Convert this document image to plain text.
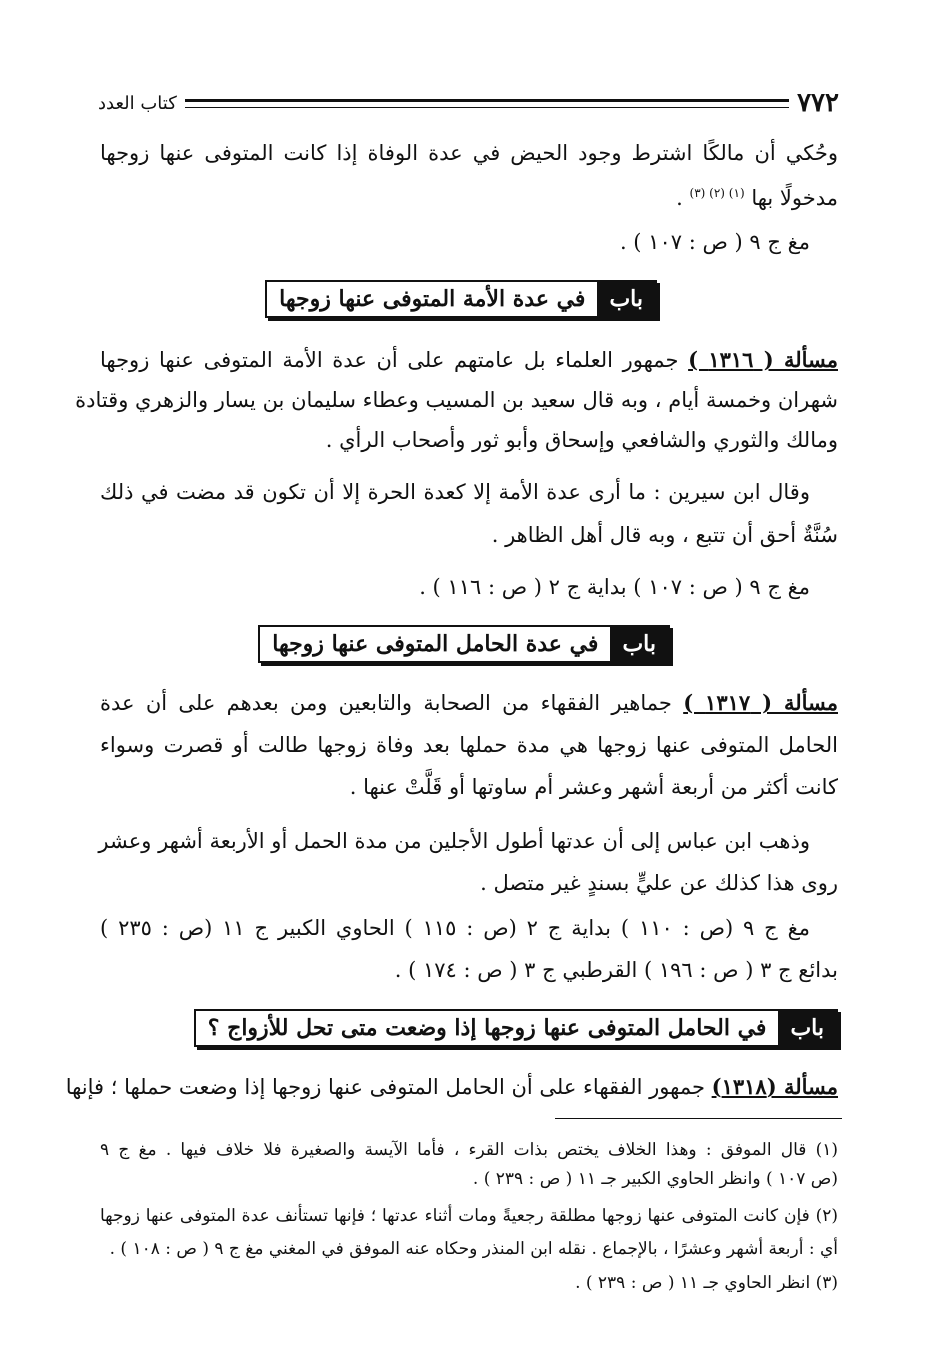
٧٧٢
كتاب العدد
وحُكي أن مالكًا اشترط وجود الحيض في عدة الوفاة إذا كانت المتوفى عنها زوجها
مدخولًا بها $^{(١) (٢) (٣)}$ .
مغ ج ٩ ( ص : ١٠٧ ) .
باب
في عدة الأمة المتوفى عنها زوجها
مسألة ( ١٣١٦ ) جمهور العلماء بل عامتهم على أن عدة الأمة المتوفى عنها زوجها
شهران وخمسة أيام ، وبه قال سعيد بن المسيب وعطاء سليمان بن يسار والزهري وقتادة
ومالك والثوري والشافعي وإسحاق وأبو ثور وأصحاب الرأي .
وقال ابن سيرين : ما أرى عدة الأمة إلا كعدة الحرة إلا أن تكون قد مضت في ذلك
سُنَّةٌ أحق أن تتبع ، وبه قال أهل الظاهر .
مغ ج ٩ ( ص : ١٠٧ ) بداية ج ٢ ( ص : ١١٦ ) .
باب
في عدة الحامل المتوفى عنها زوجها
مسألة ( ١٣١٧ ) جماهير الفقهاء من الصحابة والتابعين ومن بعدهم على أن عدة
الحامل المتوفى عنها زوجها هي مدة حملها بعد وفاة زوجها طالت أو قصرت وسواء
كانت أكثر من أربعة أشهر وعشر أم ساوتها أو قَلَّتْ عنها .
وذهب ابن عباس إلى أن عدتها أطول الأجلين من مدة الحمل أو الأربعة أشهر وعشر
روى هذا كذلك عن عليٍّ بسندٍ غير متصل .
مغ ج ٩ (ص : ١١٠ ) بداية ج ٢ (ص : ١١٥ ) الحاوي الكبير ج ١١ (ص : ٢٣٥ )
بدائع ج ٣ ( ص : ١٩٦ ) القرطبي ج ٣ ( ص : ١٧٤ ) .
باب
في الحامل المتوفى عنها زوجها إذا وضعت متى تحل للأزواج ؟
مسألة (١٣١٨) جمهور الفقهاء على أن الحامل المتوفى عنها زوجها إذا وضعت حملها ؛ فإنها
(١) قال الموفق : وهذا الخلاف يختص بذات القرء ، فأما الآيسة والصغيرة فلا خلاف فيها . مغ ج ٩
(ص ١٠٧ ) وانظر الحاوي الكبير جـ ١١ ( ص : ٢٣٩ ) .
(٢) فإن كانت المتوفى عنها زوجها مطلقة رجعيةً ومات أثناء عدتها ؛ فإنها تستأنف عدة المتوفى عنها زوجها
أي : أربعة أشهر وعشرًا ، بالإجماع . نقله ابن المنذر وحكاه عنه الموفق في المغني مغ ج ٩ ( ص : ١٠٨ ) .
(٣) انظر الحاوي جـ ١١ ( ص : ٢٣٩ ) .
